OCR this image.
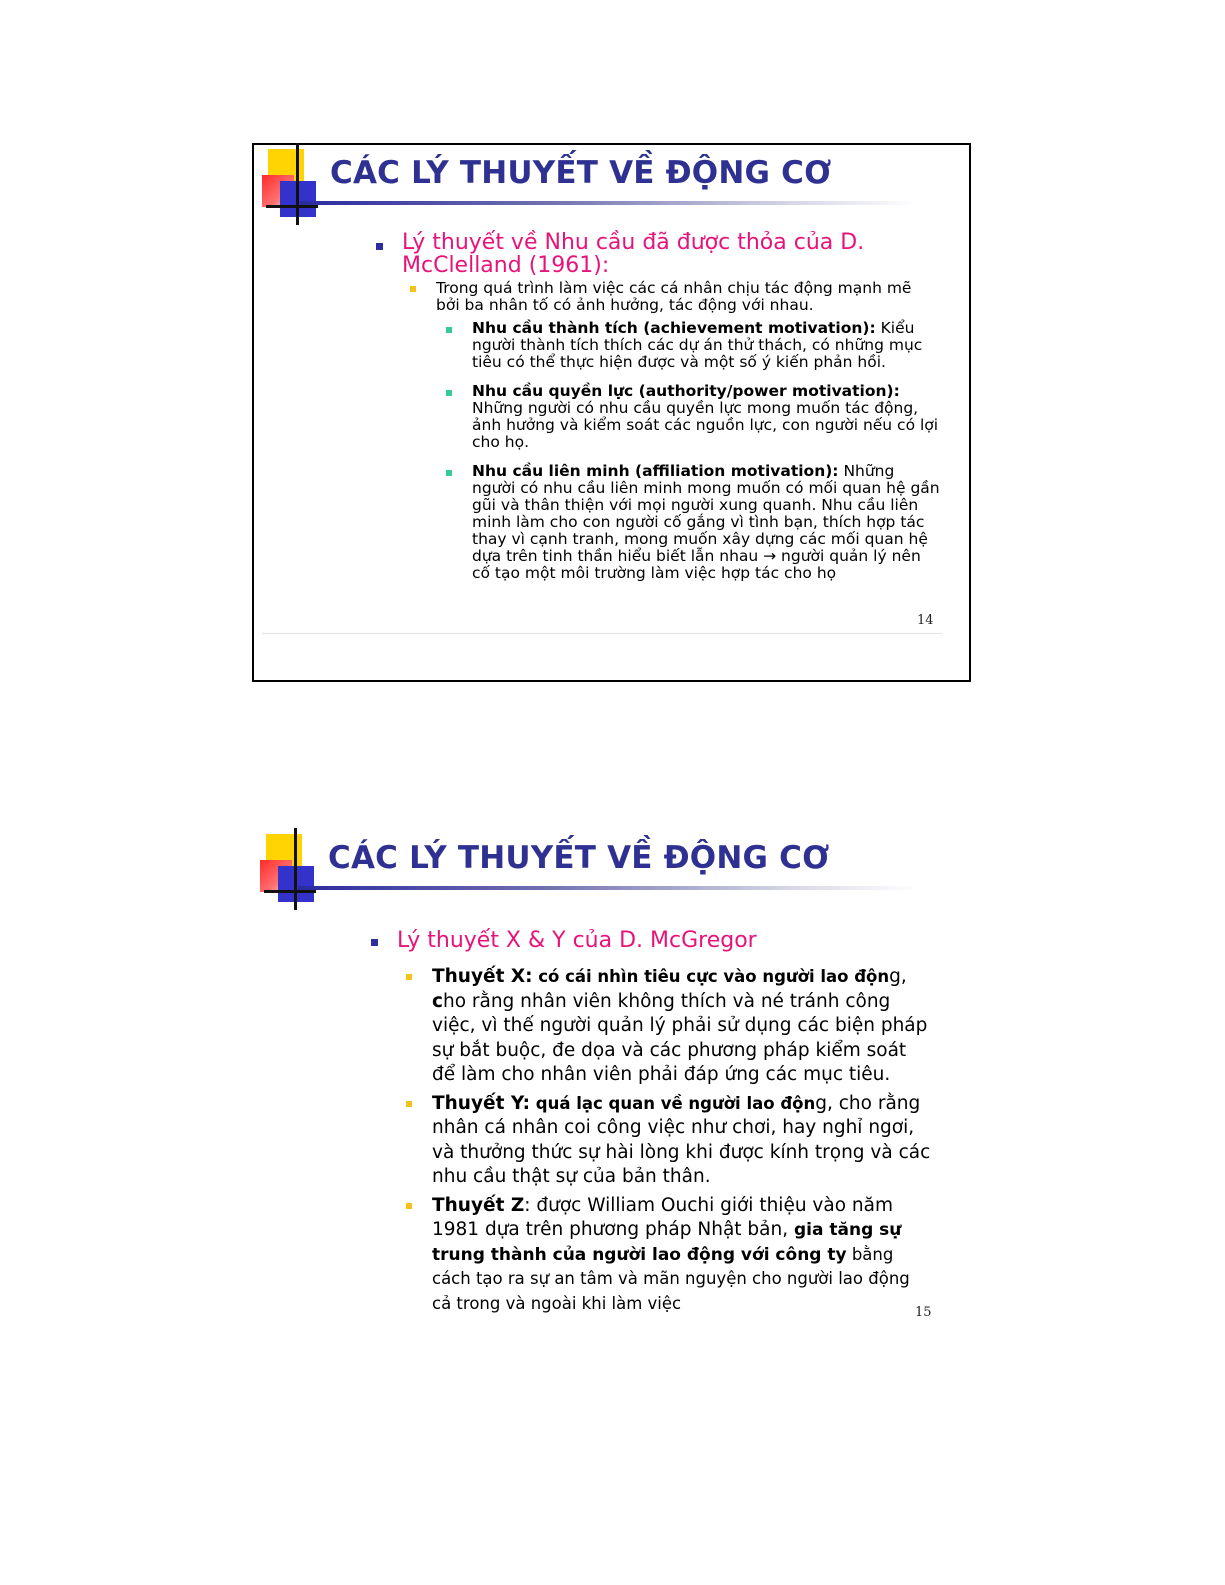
CÁC LÝ THUYẾT VỀ ĐỘNG CƠ
Lý thuyết về Nhu cầu đã được thỏa của D. McClelland (1961):
Trong quá trình làm việc các cá nhân chịu tác động mạnh mẽ bởi ba nhân tố có ảnh hưởng, tác động với nhau.
Nhu cầu thành tích (achievement motivation): Kiểu người thành tích thích các dự án thử thách, có những mục tiêu có thể thực hiện được và một số ý kiến phản hồi.
Nhu cầu quyền lực (authority/power motivation): Những người có nhu cầu quyền lực mong muốn tác động, ảnh hưởng và kiểm soát các nguồn lực, con người nếu có lợi cho họ.
Nhu cầu liên minh (affiliation motivation): Những người có nhu cầu liên minh mong muốn có mối quan hệ gần gũi và thân thiện với mọi người xung quanh. Nhu cầu liên minh làm cho con người cố gắng vì tình bạn, thích hợp tác thay vì cạnh tranh, mong muốn xây dựng các mối quan hệ dựa trên tinh thần hiểu biết lẫn nhau → người quản lý nên cố tạo một môi trường làm việc hợp tác cho họ
14
CÁC LÝ THUYẾT VỀ ĐỘNG CƠ
Lý thuyết X & Y của D. McGregor
Thuyết X: có cái nhìn tiêu cực vào người lao động,
cho rằng nhân viên không thích và né tránh công việc, vì thế người quản lý phải sử dụng các biện pháp sự bắt buộc, đe dọa và các phương pháp kiểm soát để làm cho nhân viên phải đáp ứng các mục tiêu.
Thuyết Y: quá lạc quan về người lao động, cho rằng nhân cá nhân coi công việc như chơi, hay nghỉ ngơi, và thưởng thức sự hài lòng khi được kính trọng và các nhu cầu thật sự của bản thân.
Thuyết Z: được William Ouchi giới thiệu vào năm 1981 dựa trên phương pháp Nhật bản, gia tăng sự trung thành của người lao động với công ty bằng cách tạo ra sự an tâm và mãn nguyện cho người lao động cả trong và ngoài khi làm việc	15
